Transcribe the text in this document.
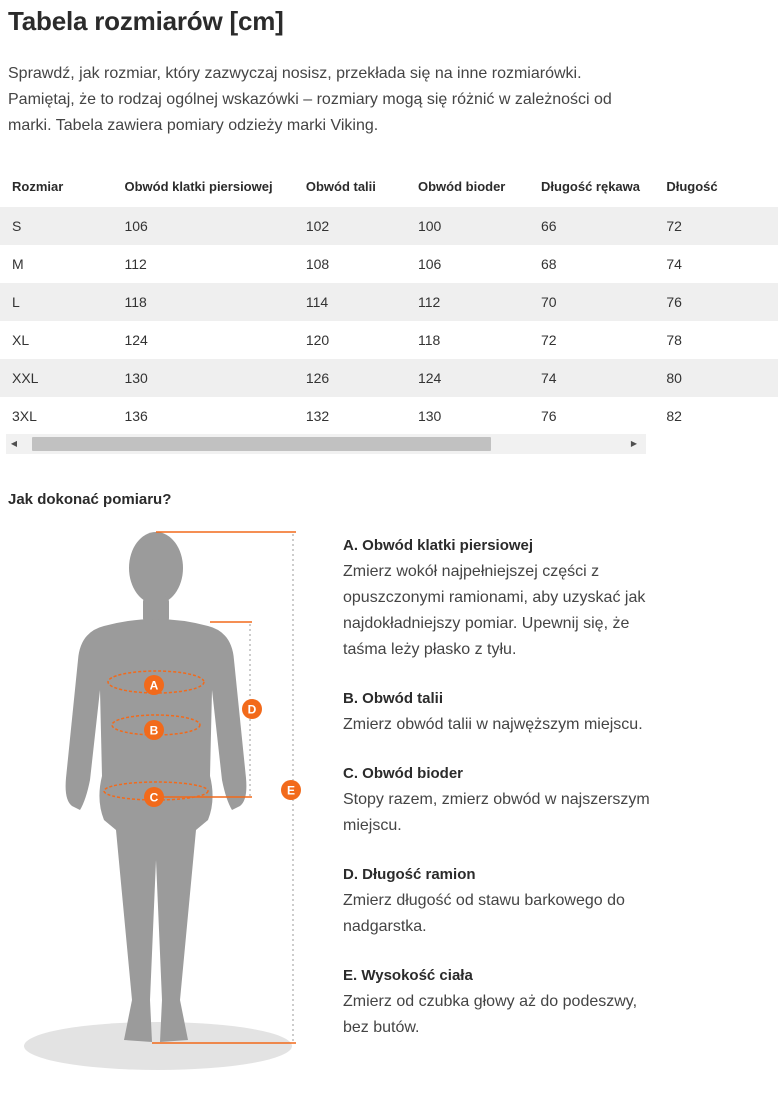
Tabela rozmiarów [cm]

Sprawdź, jak rozmiar, który zazwyczaj nosisz, przekłada się na inne rozmiarówki. Pamiętaj, że to rodzaj ogólnej wskazówki – rozmiary mogą się różnić w zależności od marki. Tabela zawiera pomiary odzieży marki Viking.

Rozmiar	Obwód klatki piersiowej	Obwód talii	Obwód bioder	Długość rękawa	Długość
S	106	102	100	66	72
M	112	108	106	68	74
L	118	114	112	70	76
XL	124	120	118	72	78
XXL	130	126	124	74	80
3XL	136	132	130	76	82
◀	▶
Jak dokonać pomiaru?
A
B
C
D
E

A. Obwód klatki piersiowej

Zmierz wokół najpełniejszej części z opuszczonymi ramionami, aby uzyskać jak najdokładniejszy pomiar. Upewnij się, że taśma leży płasko z tyłu.

B. Obwód talii

Zmierz obwód talii w najwęższym miejscu.

C. Obwód bioder

Stopy razem, zmierz obwód w najszerszym miejscu.

D. Długość ramion

Zmierz długość od stawu barkowego do nadgarstka.

E. Wysokość ciała

Zmierz od czubka głowy aż do podeszwy, bez butów.
